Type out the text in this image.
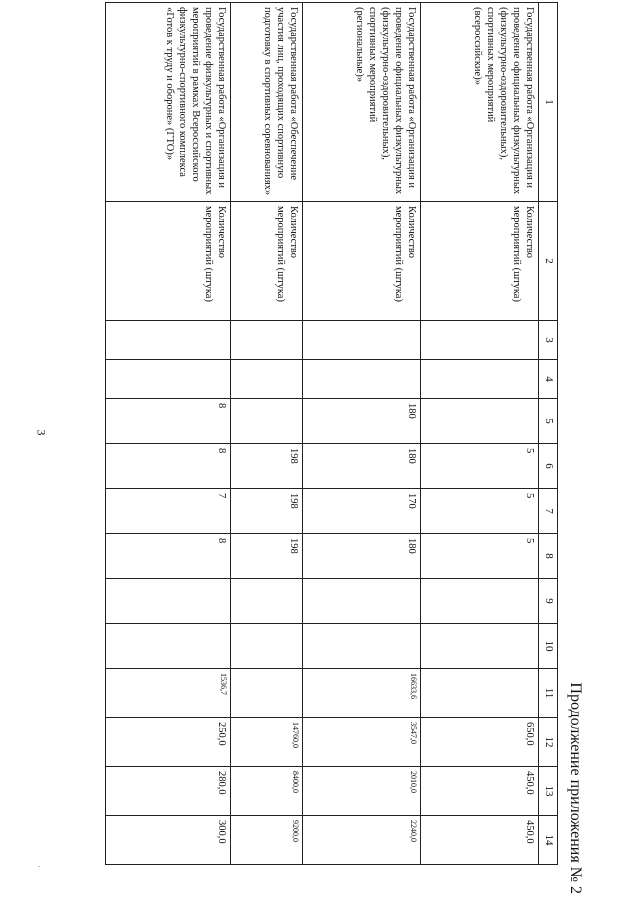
3
.	Продолжение приложения № 2
1	2	3	4	5	6	7	8	9	10	11	12	13	14
Государственная работа «Организация и проведение официальных физкультурных (физкультурно-оздоровительных), спортивных мероприятий (всероссийские)»	Количество мероприятий (штука)				5	5	5				650,0	450,0	450,0
Государственная работа «Организация и проведение официальных физкультурных (физкультурно-оздоровительных), спортивных мероприятий (региональные)»	Количество мероприятий (штука)			180	180	170	180			16633,6	3547,0	2010,0	2240,0
Государственная работа «Обеспечение участия лиц, проходящих спортивную подготовку в спортивных соревнованиях»	Количество мероприятий (штука)				198	198	198				14760,0	8400,0	9200,0
Государственная работа «Организация и проведение физкультурных и спортивных мероприятий в рамках Всероссийского физкультурно-спортивного комплекса «Готов к труду и обороне» (ГТО)»	Количество мероприятий (штука)			8	8	7	8			1536,7	250,0	280,0	300,0
